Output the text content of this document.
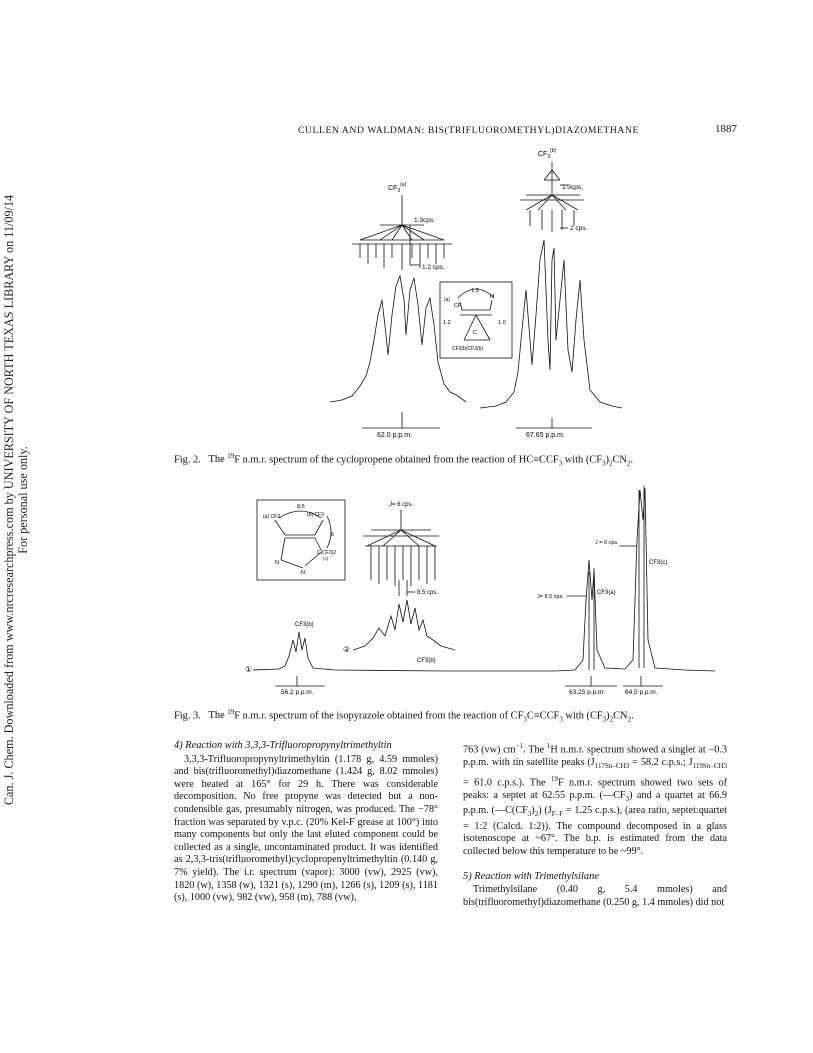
Can. J. Chem. Downloaded from www.nrcresearchpress.com by UNIVERSITY OF NORTH TEXAS LIBRARY on 11/09/14 For personal use only.
CULLEN AND WALDMAN: BIS(TRIFLUOROMETHYL)DIAZOMETHANE	1887
$CF_3^{(a)}$
1.3cps.
1.2 cps.
$CF_3^{(b)}$
1.0cps.
2 cps.
1.3
1.2	1.0
(a)
CF
H
C
CF3(b)CF3(b)
62.0 p.p.m.	67.65 p.p.m.
Fig. 2. The $^{19}$F n.m.r. spectrum of the cyclopropene obtained from the reaction of $HC\equiv CCF_3$ with $(CF_3)_2CN_2$.
8.5
6
(a) CF3	(b) CF3
C(CF3)2
(c)
N
N
J= 6 cps.
8.5 cps.
J= 8.5 cps.
CF3(a)
J = 6 cps.
CF3(c)
①
CF3(b)
②
CF3(b)
56.2 p.p.m.	63.25 p.p.m.	64.5 p.p.m.
Fig. 3. The $^{19}$F n.m.r. spectrum of the isopyrazole obtained from the reaction of $CF_3C\equiv CCF_3$ with $(CF_3)_2CN_2$.
4) Reaction with 3,3,3-Trifluoropropynyltrimethyltin

3,3,3-Trifluoropropynyltrimethyltin (1.178 g, 4.59 mmoles) and bis(trifluoromethyl)diazomethane (1.424 g, 8.02 mmoles) were heated at 165° for 29 h. There was considerable decomposition. No free propyne was detected but a non-condensible gas, presumably nitrogen, was produced. The −78° fraction was separated by v.p.c. (20% Kel-F grease at 100°) into many components but only the last eluted component could be collected as a single, uncontaminated product. It was identified as 2,3,3-tris(trifluoromethyl)cyclopropenyltrimethyltin (0.140 g, 7% yield). The i.r. spectrum (vapor): 3000 (vw), 2925 (vw), 1820 (w), 1358 (w), 1321 (s), 1290 (m), 1266 (s), 1209 (s), 1181 (s), 1000 (vw), 982 (vw), 958 (m), 788 (vw),

763 (vw) $cm^{-1}$. The $^1$H n.m.r. spectrum showed a singlet at −0.3 p.p.m. with tin satellite peaks ($J_{117Sn-CH3} = 58.2$ c.p.s.; $J_{119Sn-CH3} = 61.0$ c.p.s.). The $^{19}$F n.m.r. spectrum showed two sets of peaks: a septet at 62.55 p.p.m. $(—CF_3)$ and a quartet at 66.9 p.p.m. $(—C(CF_3)_2) (J_{F-F} = 1.25$ c.p.s.), (area ratio, septet:quartet = 1:2 (Calcd. 1:2)). The compound decomposed in a glass isotenoscope at ~67°. The b.p. is estimated from the data collected below this temperature to be ~99°.

5) Reaction with Trimethylsilane

Trimethylsilane (0.40 g, 5.4 mmoles) and bis(trifluoromethyl)diazomethane (0.250 g, 1.4 mmoles) did not
